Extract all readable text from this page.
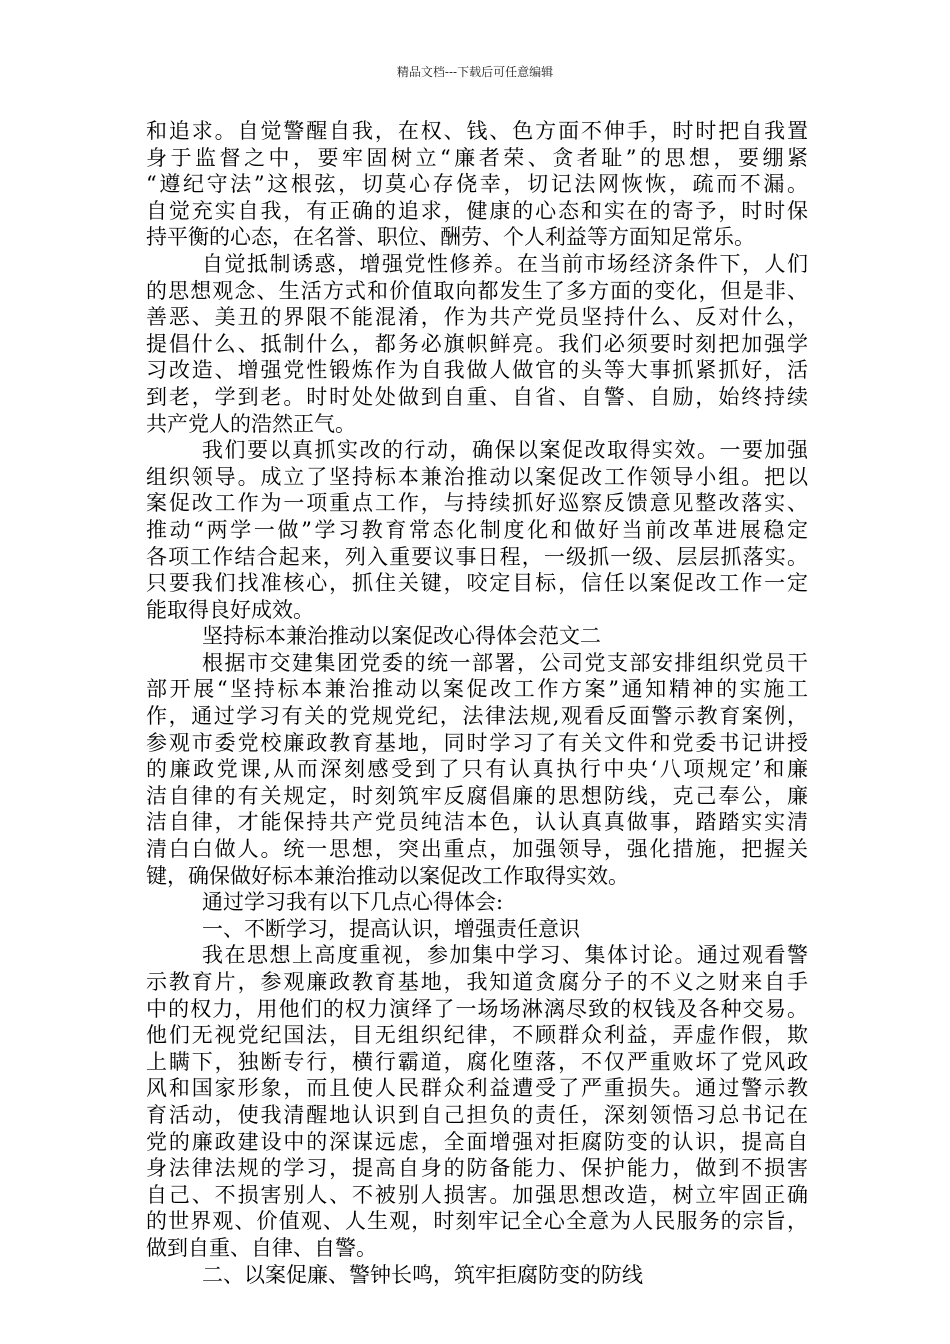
精品文档---下载后可任意编辑
和追求。自觉警醒自我，在权、钱、色方面不伸手，时时把自我置
身于监督之中，要牢固树立“廉者荣、贪者耻”的思想，要绷紧
“遵纪守法”这根弦，切莫心存侥幸，切记法网恢恢，疏而不漏。
自觉充实自我，有正确的追求，健康的心态和实在的寄予，时时保
持平衡的心态，在名誉、职位、酬劳、个人利益等方面知足常乐。
自觉抵制诱惑，增强党性修养。在当前市场经济条件下，人们
的思想观念、生活方式和价值取向都发生了多方面的变化，但是非、
善恶、美丑的界限不能混淆，作为共产党员坚持什么、反对什么，
提倡什么、抵制什么，都务必旗帜鲜亮。我们必须要时刻把加强学
习改造、增强党性锻炼作为自我做人做官的头等大事抓紧抓好，活
到老，学到老。时时处处做到自重、自省、自警、自励，始终持续
共产党人的浩然正气。
我们要以真抓实改的行动，确保以案促改取得实效。一要加强
组织领导。成立了坚持标本兼治推动以案促改工作领导小组。把以
案促改工作为一项重点工作，与持续抓好巡察反馈意见整改落实、
推动“两学一做”学习教育常态化制度化和做好当前改革进展稳定
各项工作结合起来，列入重要议事日程，一级抓一级、层层抓落实。
只要我们找准核心，抓住关键，咬定目标，信任以案促改工作一定
能取得良好成效。
坚持标本兼治推动以案促改心得体会范文二
根据市交建集团党委的统一部署，公司党支部安排组织党员干
部开展“坚持标本兼治推动以案促改工作方案”通知精神的实施工
作，通过学习有关的党规党纪，法律法规,观看反面警示教育案例，
参观市委党校廉政教育基地，同时学习了有关文件和党委书记讲授
的廉政党课,从而深刻感受到了只有认真执行中央‘八项规定’和廉
洁自律的有关规定，时刻筑牢反腐倡廉的思想防线，克己奉公，廉
洁自律，才能保持共产党员纯洁本色，认认真真做事，踏踏实实清
清白白做人。统一思想，突出重点，加强领导，强化措施，把握关
键，确保做好标本兼治推动以案促改工作取得实效。
通过学习我有以下几点心得体会:
一、不断学习，提高认识，增强责任意识
我在思想上高度重视，参加集中学习、集体讨论。通过观看警
示教育片，参观廉政教育基地，我知道贪腐分子的不义之财来自手
中的权力，用他们的权力演绎了一场场淋漓尽致的权钱及各种交易。
他们无视党纪国法，目无组织纪律，不顾群众利益，弄虚作假，欺
上瞒下，独断专行，横行霸道，腐化堕落，不仅严重败坏了党风政
风和国家形象，而且使人民群众利益遭受了严重损失。通过警示教
育活动，使我清醒地认识到自己担负的责任，深刻领悟习总书记在
党的廉政建设中的深谋远虑，全面增强对拒腐防变的认识，提高自
身法律法规的学习，提高自身的防备能力、保护能力，做到不损害
自己、不损害别人、不被别人损害。加强思想改造，树立牢固正确
的世界观、价值观、人生观，时刻牢记全心全意为人民服务的宗旨，
做到自重、自律、自警。
二、以案促廉、警钟长鸣，筑牢拒腐防变的防线
